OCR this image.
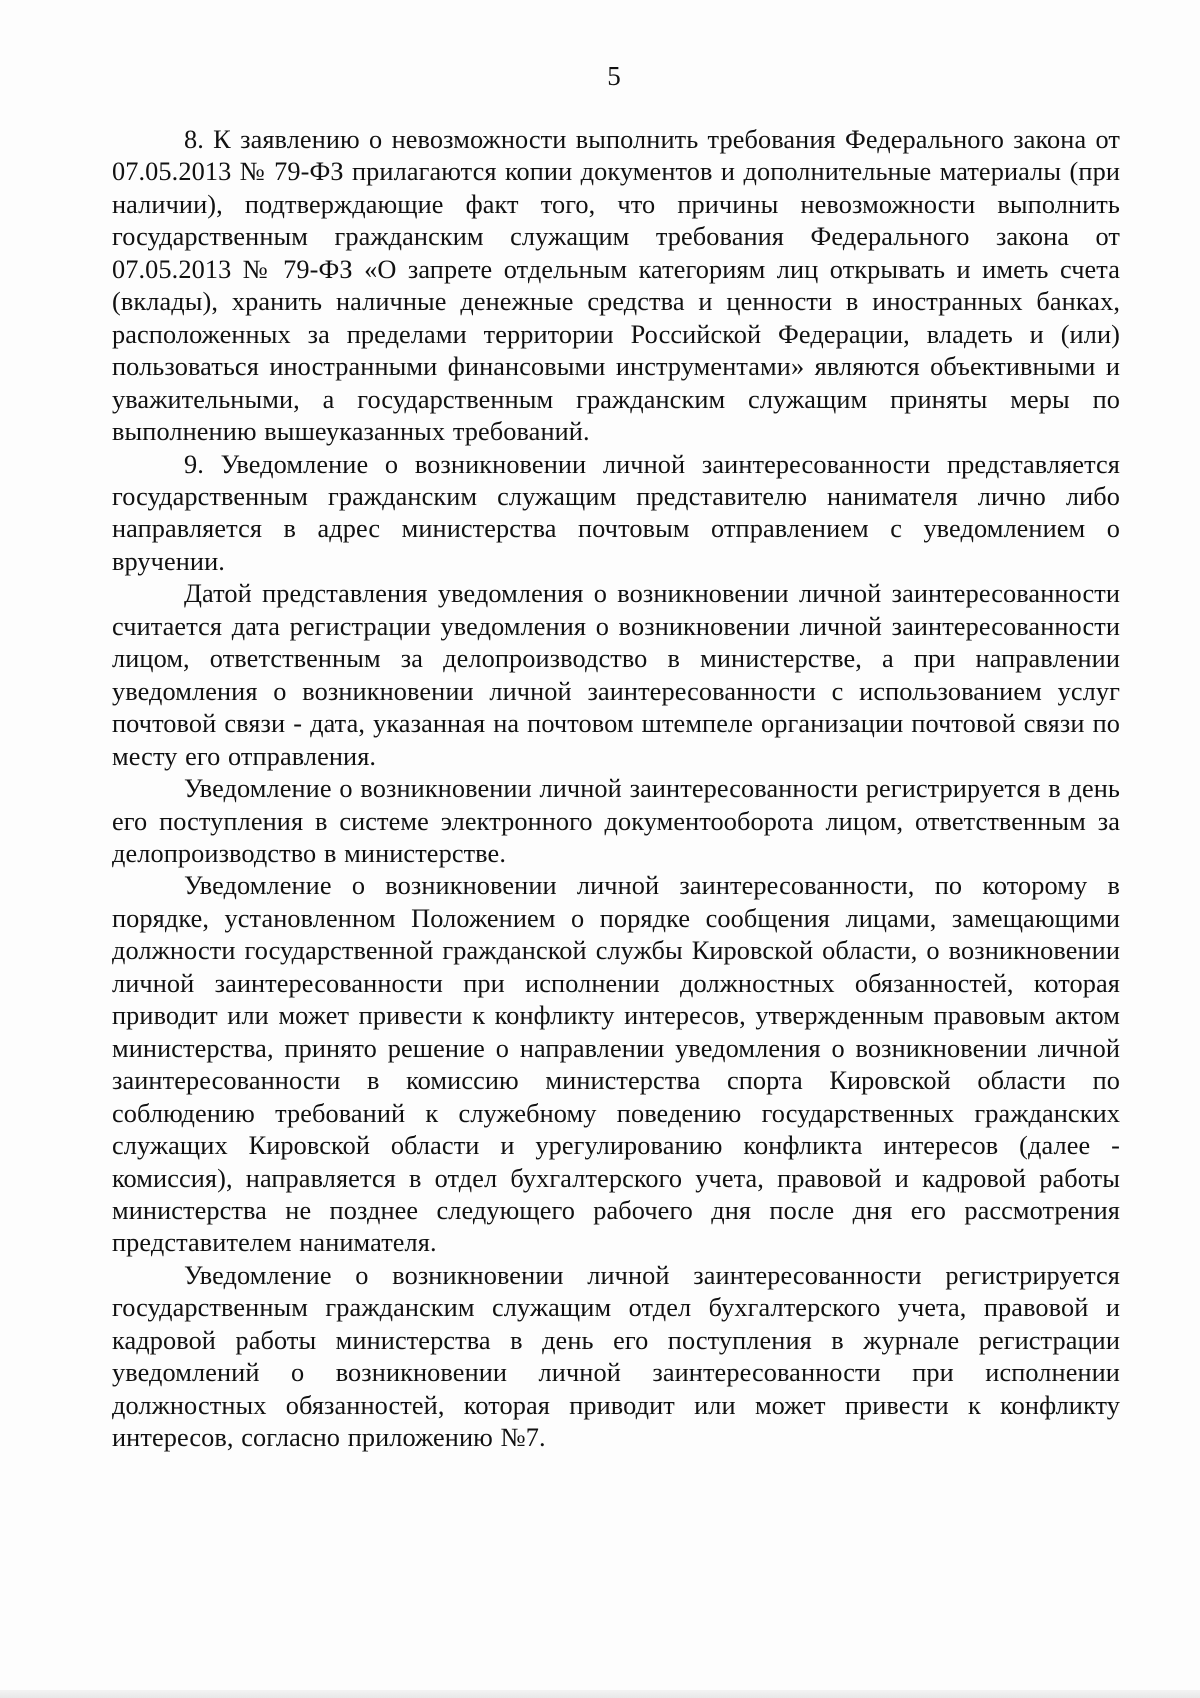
5

8. К заявлению о невозможности выполнить требования Федерального закона от 07.05.2013 № 79-ФЗ прилагаются копии документов и дополнительные материалы (при наличии), подтверждающие факт того, что причины невозможности выполнить государственным гражданским служащим требования Федерального закона от 07.05.2013 № 79-ФЗ «О запрете отдельным категориям лиц открывать и иметь счета (вклады), хранить наличные денежные средства и ценности в иностранных банках, расположенных за пределами территории Российской Федерации, владеть и (или) пользоваться иностранными финансовыми инструментами» являются объективными и уважительными, а государственным гражданским служащим приняты меры по выполнению вышеуказанных требований.

9. Уведомление о возникновении личной заинтересованности представляется государственным гражданским служащим представителю нанимателя лично либо направляется в адрес министерства почтовым отправлением с уведомлением о вручении.

Датой представления уведомления о возникновении личной заинтересованности считается дата регистрации уведомления о возникновении личной заинтересованности лицом, ответственным за делопроизводство в министерстве, а при направлении уведомления о возникновении личной заинтересованности с использованием услуг почтовой связи - дата, указанная на почтовом штемпеле организации почтовой связи по месту его отправления.

Уведомление о возникновении личной заинтересованности регистрируется в день его поступления в системе электронного документооборота лицом, ответственным за делопроизводство в министерстве.

Уведомление о возникновении личной заинтересованности, по которому в порядке, установленном Положением о порядке сообщения лицами, замещающими должности государственной гражданской службы Кировской области, о возникновении личной заинтересованности при исполнении должностных обязанностей, которая приводит или может привести к конфликту интересов, утвержденным правовым актом министерства, принято решение о направлении уведомления о возникновении личной заинтересованности в комиссию министерства спорта Кировской области по соблюдению требований к служебному поведению государственных гражданских служащих Кировской области и урегулированию конфликта интересов (далее - комиссия), направляется в отдел бухгалтерского учета, правовой и кадровой работы министерства не позднее следующего рабочего дня после дня его рассмотрения представителем нанимателя.

Уведомление о возникновении личной заинтересованности регистрируется государственным гражданским служащим отдел бухгалтерского учета, правовой и кадровой работы министерства в день его поступления в журнале регистрации уведомлений о возникновении личной заинтересованности при исполнении должностных обязанностей, которая приводит или может привести к конфликту интересов, согласно приложению №7.
